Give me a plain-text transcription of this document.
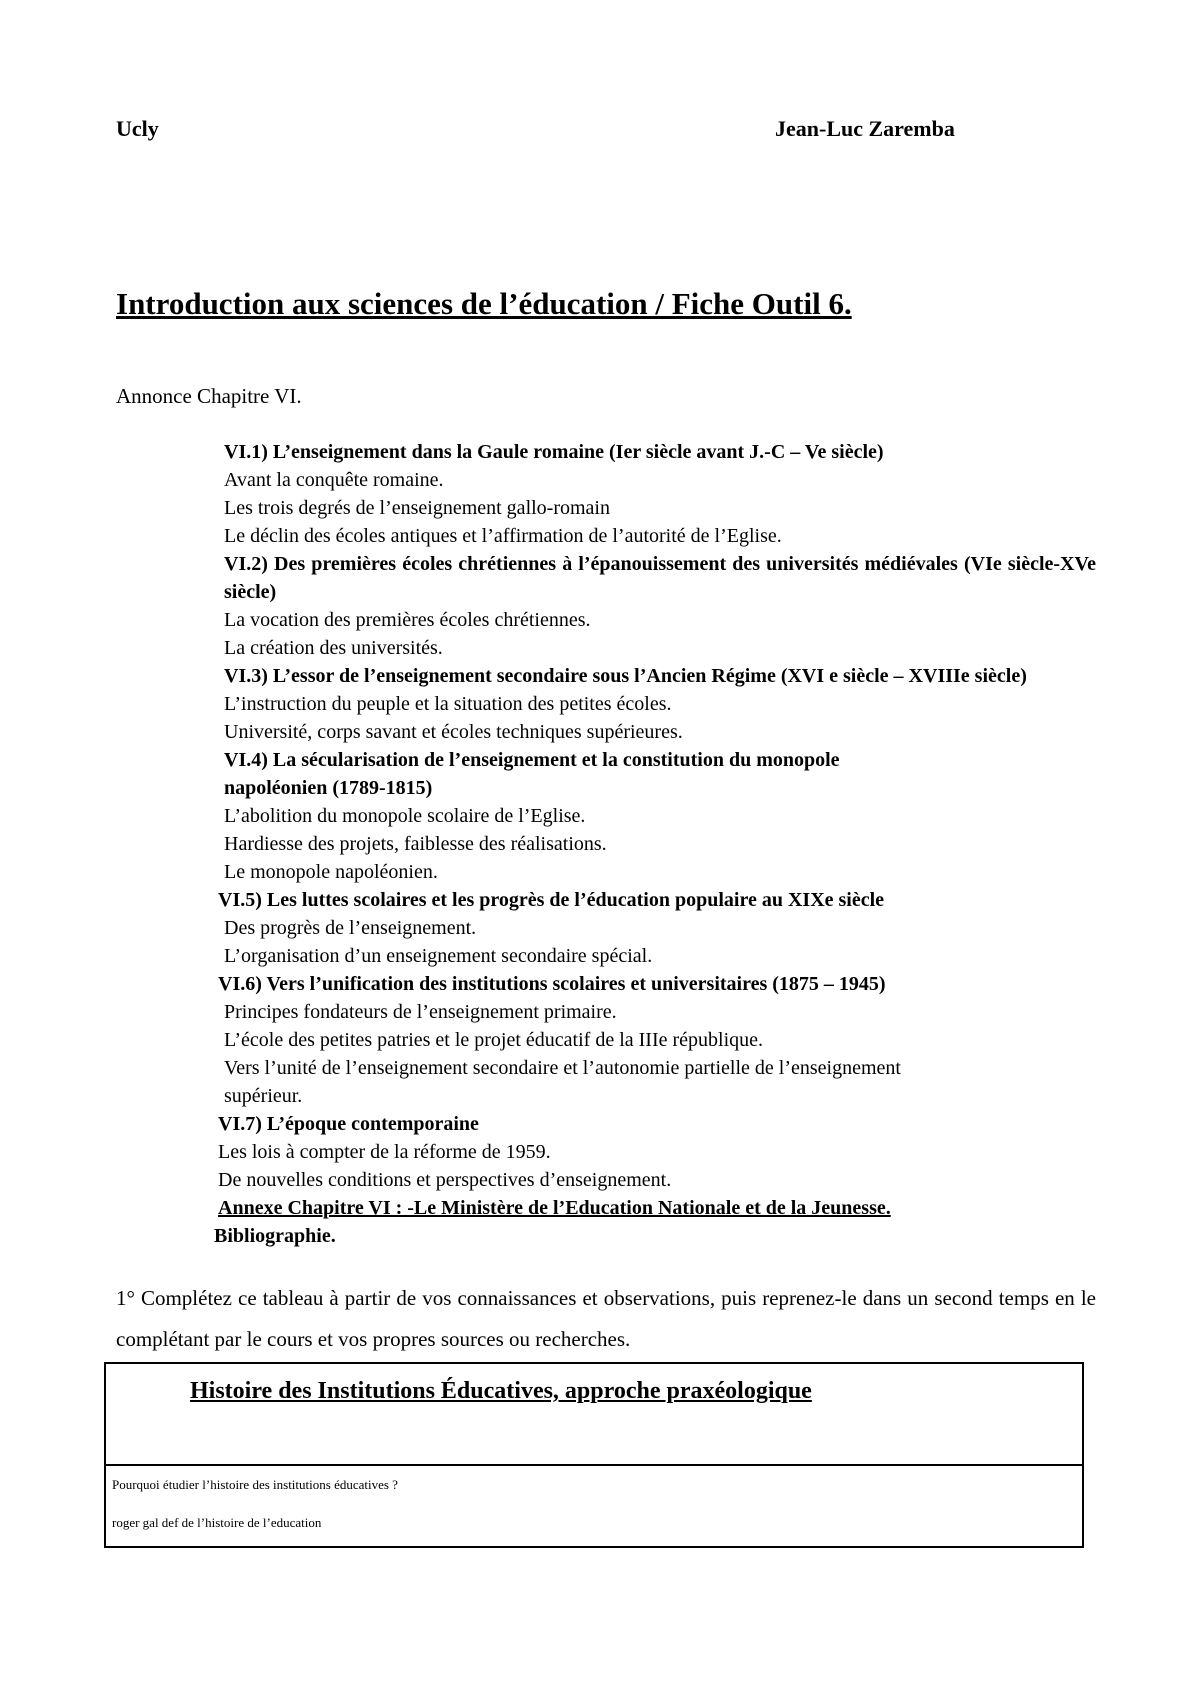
Ucly	Jean-Luc Zaremba
Introduction aux sciences de l’éducation / Fiche Outil 6.
Annonce Chapitre VI.
VI.1) L’enseignement dans la Gaule romaine (Ier siècle avant J.-C – Ve siècle)
Avant la conquête romaine.
Les trois degrés de l’enseignement gallo-romain
Le déclin des écoles antiques et l’affirmation de l’autorité de l’Eglise.
VI.2) Des premières écoles chrétiennes à l’épanouissement des universités médiévales (VIe siècle-XVe siècle)
La vocation des premières écoles chrétiennes.
La création des universités.
VI.3) L’essor de l’enseignement secondaire sous l’Ancien Régime (XVI e siècle – XVIIIe siècle)
L’instruction du peuple et la situation des petites écoles.
Université, corps savant et écoles techniques supérieures.
VI.4) La sécularisation de l’enseignement et la constitution du monopole napoléonien (1789-1815)
L’abolition du monopole scolaire de l’Eglise.
Hardiesse des projets, faiblesse des réalisations.
Le monopole napoléonien.
VI.5) Les luttes scolaires et les progrès de l’éducation populaire au XIXe siècle
Des progrès de l’enseignement.
L’organisation d’un enseignement secondaire spécial.
VI.6) Vers l’unification des institutions scolaires et universitaires (1875 – 1945)
Principes fondateurs de l’enseignement primaire.
L’école des petites patries et le projet éducatif de la IIIe république.
Vers l’unité de l’enseignement secondaire et l’autonomie partielle de l’enseignement supérieur.
VI.7) L’époque contemporaine
Les lois à compter de la réforme de 1959.
De nouvelles conditions et perspectives d’enseignement.
Annexe Chapitre VI : -Le Ministère de l’Education Nationale et de la Jeunesse.
Bibliographie.
1° Complétez ce tableau à partir de vos connaissances et observations, puis reprenez-le dans un second temps en le complétant par le cours et vos propres sources ou recherches.
Histoire des Institutions Éducatives, approche praxéologique

Pourquoi étudier l’histoire des institutions éducatives ?

roger gal def de l’histoire de l’education
